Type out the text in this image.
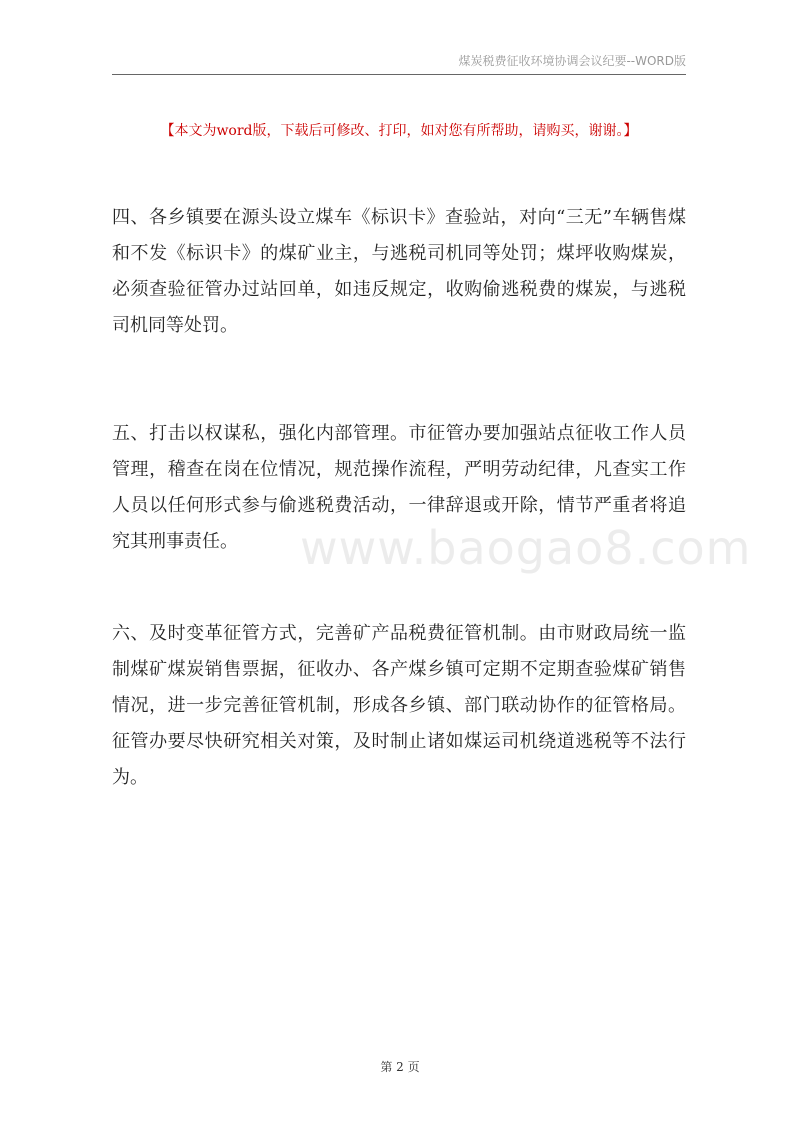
煤炭税费征收环境协调会议纪要--WORD版
【本文为word版，下载后可修改、打印，如对您有所帮助，请购买，谢谢。】
www.baogao8.com
四、各乡镇要在源头设立煤车《标识卡》查验站，对向“三无”车辆售煤和不发《标识卡》的煤矿业主，与逃税司机同等处罚；煤坪收购煤炭，必须查验征管办过站回单，如违反规定，收购偷逃税费的煤炭，与逃税司机同等处罚。
五、打击以权谋私，强化内部管理。市征管办要加强站点征收工作人员管理，稽查在岗在位情况，规范操作流程，严明劳动纪律，凡查实工作人员以任何形式参与偷逃税费活动，一律辞退或开除，情节严重者将追究其刑事责任。
六、及时变革征管方式，完善矿产品税费征管机制。由市财政局统一监制煤矿煤炭销售票据，征收办、各产煤乡镇可定期不定期查验煤矿销售情况，进一步完善征管机制，形成各乡镇、部门联动协作的征管格局。征管办要尽快研究相关对策，及时制止诸如煤运司机绕道逃税等不法行为。
第 2 页
